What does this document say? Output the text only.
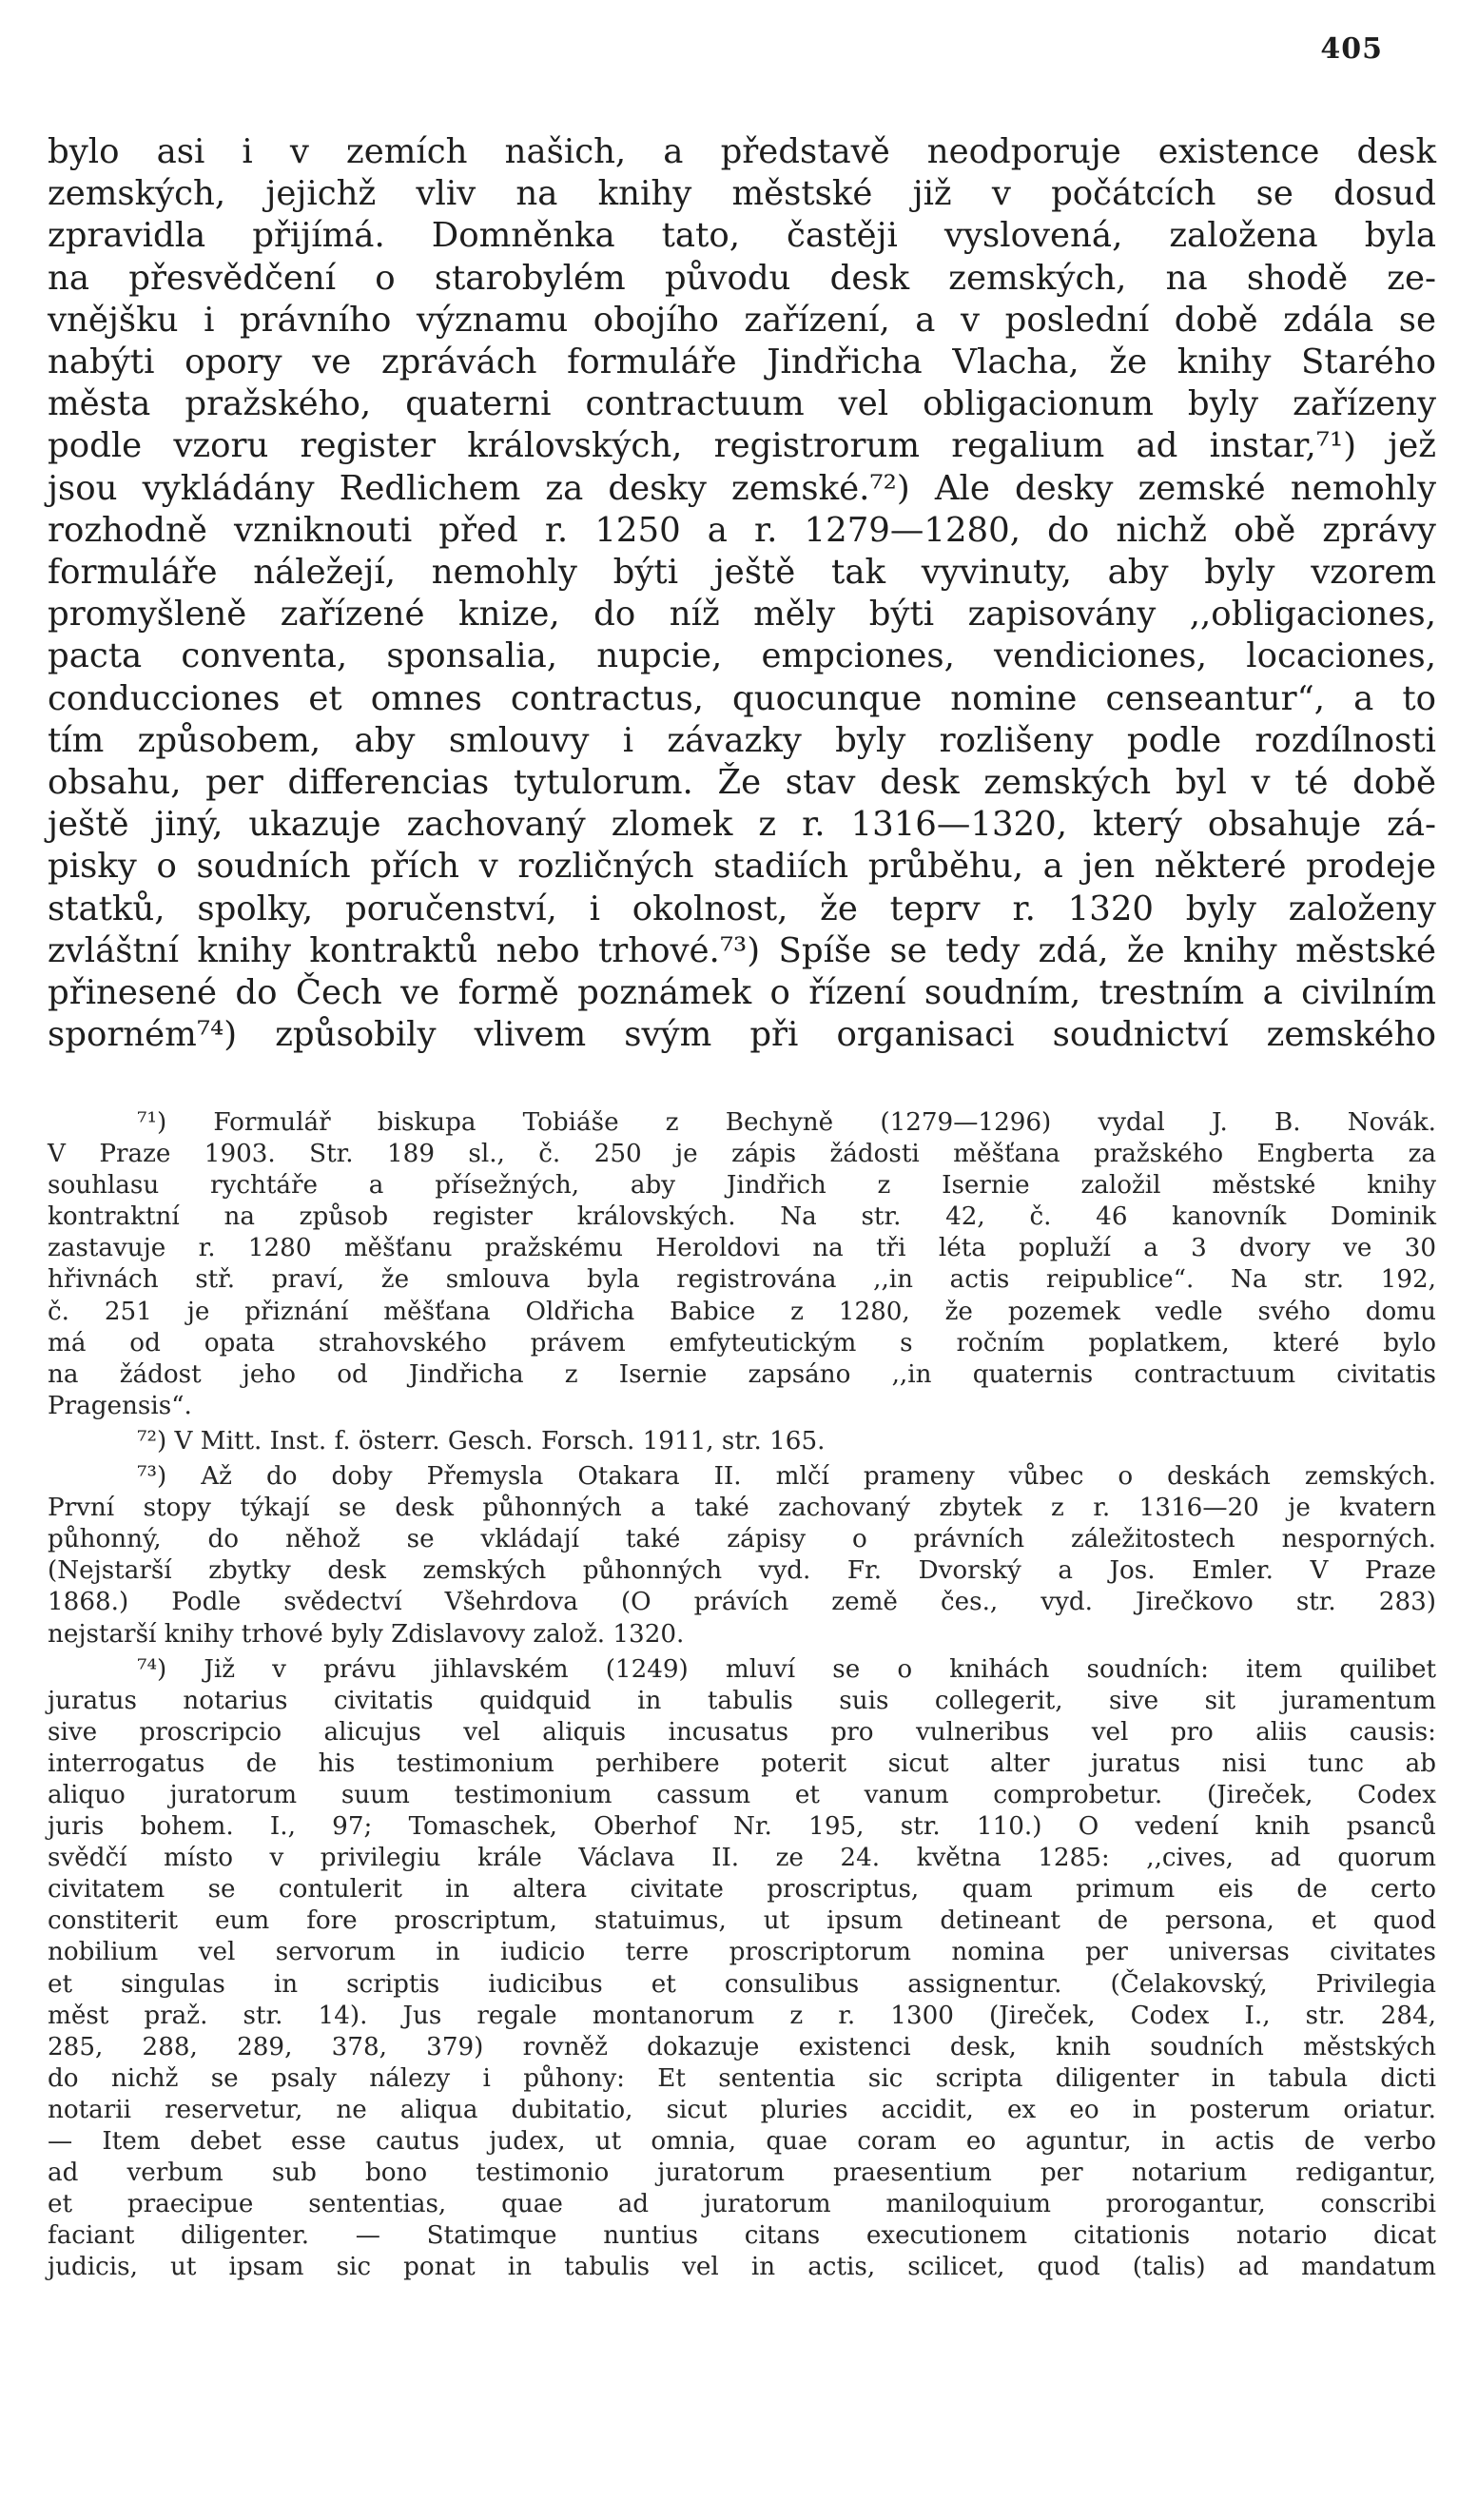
405
bylo asi i v zemích našich, a představě neodporuje existence desk
zemských, jejichž vliv na knihy městské již v počátcích se dosud
zpravidla přijímá. Domněnka tato, častěji vyslovená, založena byla
na přesvědčení o starobylém původu desk zemských, na shodě ze-
vnějšku i právního významu obojího zařízení, a v poslední době zdála se
nabýti opory ve zprávách formuláře Jindřicha Vlacha, že knihy Starého
města pražského, quaterni contractuum vel obligacionum byly zařízeny
podle vzoru register královských, registrorum regalium ad instar,⁷¹) jež
jsou vykládány Redlichem za desky zemské.⁷²) Ale desky zemské nemohly
rozhodně vzniknouti před r. 1250 a r. 1279—1280, do nichž obě zprávy
formuláře náležejí, nemohly býti ještě tak vyvinuty, aby byly vzorem
promyšleně zařízené knize, do níž měly býti zapisovány ,,obligaciones,
pacta conventa, sponsalia, nupcie, empciones, vendiciones, locaciones,
conducciones et omnes contractus, quocunque nomine censeantur“, a to
tím způsobem, aby smlouvy i závazky byly rozlišeny podle rozdílnosti
obsahu, per differencias tytulorum. Že stav desk zemských byl v té době
ještě jiný, ukazuje zachovaný zlomek z r. 1316—1320, který obsahuje zá-
pisky o soudních přích v rozličných stadiích průběhu, a jen některé prodeje
statků, spolky, poručenství, i okolnost, že teprv r. 1320 byly založeny
zvláštní knihy kontraktů nebo trhové.⁷³) Spíše se tedy zdá, že knihy městské
přinesené do Čech ve formě poznámek o řízení soudním, trestním a civilním
sporném⁷⁴) způsobily vlivem svým při organisaci soudnictví zemského
⁷¹) Formulář biskupa Tobiáše z Bechyně (1279—1296) vydal J. B. Novák.
V Praze 1903. Str. 189 sl., č. 250 je zápis žádosti měšťana pražského Engberta za
souhlasu rychtáře a přísežných, aby Jindřich z Isernie založil městské knihy
kontraktní na způsob register královských. Na str. 42, č. 46 kanovník Dominik
zastavuje r. 1280 měšťanu pražskému Heroldovi na tři léta popluží a 3 dvory ve 30
hřivnách stř. praví, že smlouva byla registrována ,,in actis reipublice“. Na str. 192,
č. 251 je přiznání měšťana Oldřicha Babice z 1280, že pozemek vedle svého domu
má od opata strahovského právem emfyteutickým s ročním poplatkem, které bylo
na žádost jeho od Jindřicha z Isernie zapsáno ,,in quaternis contractuum civitatis
Pragensis“.
⁷²) V Mitt. Inst. f. österr. Gesch. Forsch. 1911, str. 165.
⁷³) Až do doby Přemysla Otakara II. mlčí prameny vůbec o deskách zemských.
První stopy týkají se desk půhonných a také zachovaný zbytek z r. 1316—20 je kvatern
půhonný, do něhož se vkládají také zápisy o právních záležitostech nesporných.
(Nejstarší zbytky desk zemských půhonných vyd. Fr. Dvorský a Jos. Emler. V Praze
1868.) Podle svědectví Všehrdova (O právích země čes., vyd. Jirečkovo str. 283)
nejstarší knihy trhové byly Zdislavovy založ. 1320.
⁷⁴) Již v právu jihlavském (1249) mluví se o knihách soudních: item quilibet
juratus notarius civitatis quidquid in tabulis suis collegerit, sive sit juramentum
sive proscripcio alicujus vel aliquis incusatus pro vulneribus vel pro aliis causis:
interrogatus de his testimonium perhibere poterit sicut alter juratus nisi tunc ab
aliquo juratorum suum testimonium cassum et vanum comprobetur. (Jireček, Codex
juris bohem. I., 97; Tomaschek, Oberhof Nr. 195, str. 110.) O vedení knih psanců
svědčí místo v privilegiu krále Václava II. ze 24. května 1285: ,,cives, ad quorum
civitatem se contulerit in altera civitate proscriptus, quam primum eis de certo
constiterit eum fore proscriptum, statuimus, ut ipsum detineant de persona, et quod
nobilium vel servorum in iudicio terre proscriptorum nomina per universas civitates
et singulas in scriptis iudicibus et consulibus assignentur. (Čelakovský, Privilegia
měst praž. str. 14). Jus regale montanorum z r. 1300 (Jireček, Codex I., str. 284,
285, 288, 289, 378, 379) rovněž dokazuje existenci desk, knih soudních městských
do nichž se psaly nálezy i půhony: Et sententia sic scripta diligenter in tabula dicti
notarii reservetur, ne aliqua dubitatio, sicut pluries accidit, ex eo in posterum oriatur.
— Item debet esse cautus judex, ut omnia, quae coram eo aguntur, in actis de verbo
ad verbum sub bono testimonio juratorum praesentium per notarium redigantur,
et praecipue sententias, quae ad juratorum maniloquium prorogantur, conscribi
faciant diligenter. — Statimque nuntius citans executionem citationis notario dicat
judicis, ut ipsam sic ponat in tabulis vel in actis, scilicet, quod (talis) ad mandatum
